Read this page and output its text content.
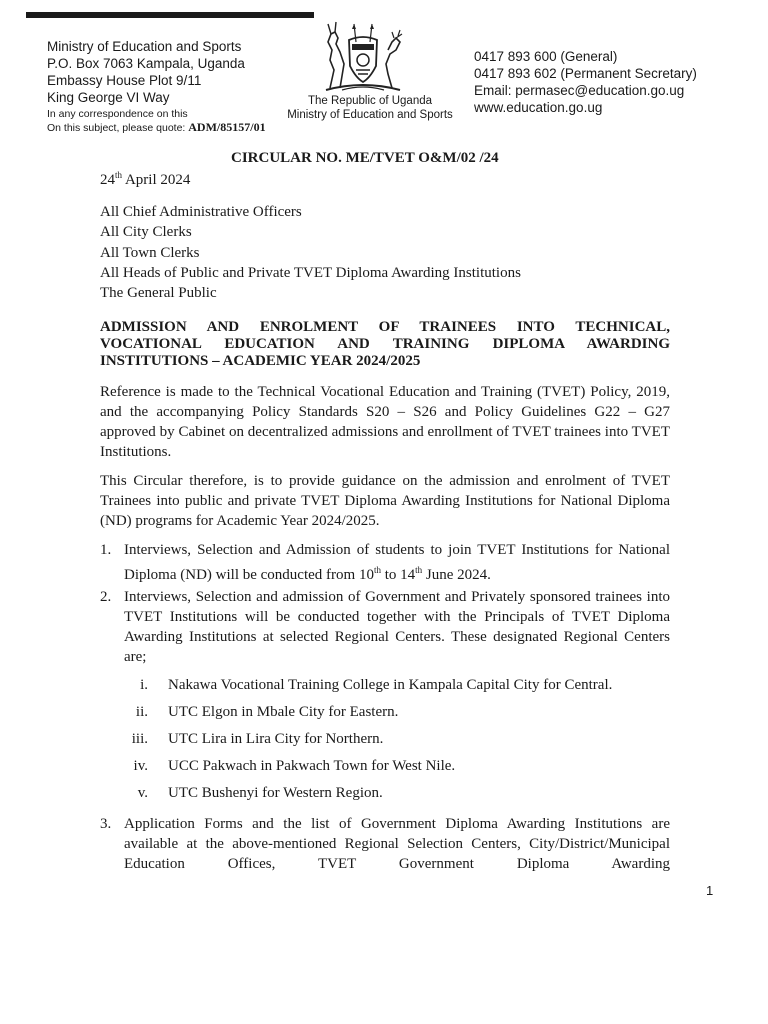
Ministry of Education and Sports
P.O. Box 7063 Kampala, Uganda
Embassy House Plot 9/11
King George VI Way
In any correspondence on this
On this subject, please quote: ADM/85157/01
The Republic of Uganda
Ministry of Education and Sports
0417 893 600 (General)
0417 893 602 (Permanent Secretary)
Email: permasec@education.go.ug
www.education.go.ug
CIRCULAR NO. ME/TVET O&M/02 /24
24th April 2024
All Chief Administrative Officers
All City Clerks
All Town Clerks
All Heads of Public and Private TVET Diploma Awarding Institutions
The General Public
ADMISSION AND ENROLMENT OF TRAINEES INTO TECHNICAL, VOCATIONAL EDUCATION AND TRAINING DIPLOMA AWARDING INSTITUTIONS – ACADEMIC YEAR 2024/2025
Reference is made to the Technical Vocational Education and Training (TVET) Policy, 2019, and the accompanying Policy Standards S20 – S26 and Policy Guidelines G22 – G27 approved by Cabinet on decentralized admissions and enrollment of TVET trainees into TVET Institutions.
This Circular therefore, is to provide guidance on the admission and enrolment of TVET Trainees into public and private TVET Diploma Awarding Institutions for National Diploma (ND) programs for Academic Year 2024/2025.
1. Interviews, Selection and Admission of students to join TVET Institutions for National Diploma (ND) will be conducted from 10th to 14th June 2024.
2. Interviews, Selection and admission of Government and Privately sponsored trainees into TVET Institutions will be conducted together with the Principals of TVET Diploma Awarding Institutions at selected Regional Centers. These designated Regional Centers are;
i. Nakawa Vocational Training College in Kampala Capital City for Central.
ii. UTC Elgon in Mbale City for Eastern.
iii. UTC Lira in Lira City for Northern.
iv. UCC Pakwach in Pakwach Town for West Nile.
v. UTC Bushenyi for Western Region.
3. Application Forms and the list of Government Diploma Awarding Institutions are available at the above-mentioned Regional Selection Centers, City/District/Municipal Education Offices, TVET Government Diploma Awarding
1
